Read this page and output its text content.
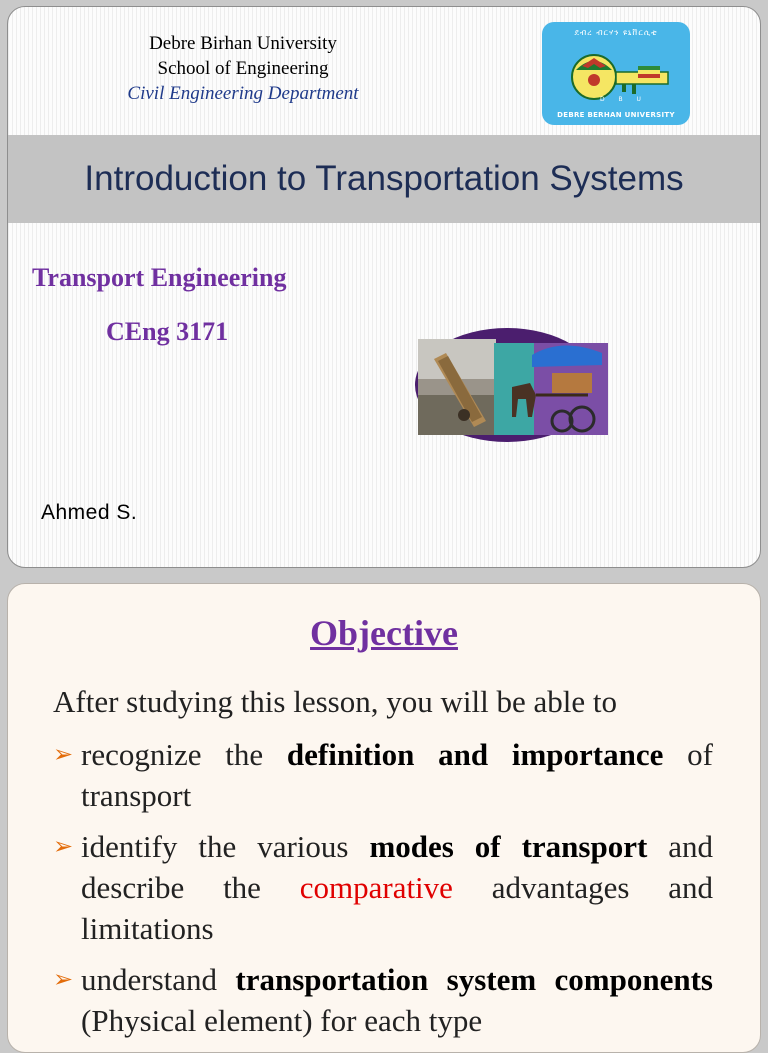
Debre Birhan University
School of Engineering
Civil Engineering Department
ደብረ ብርሃን ዩኒቨርሲቲ
D B U
DEBRE BERHAN UNIVERSITY
Introduction to Transportation Systems
Transport Engineering
CEng 3171
Ahmed S.
Objective
After studying this lesson, you will be able to
➢ recognize the definition and importance of transport
➢ identify the various modes of transport and describe the comparative advantages and limitations
➢ understand transportation system components (Physical element) for each type
